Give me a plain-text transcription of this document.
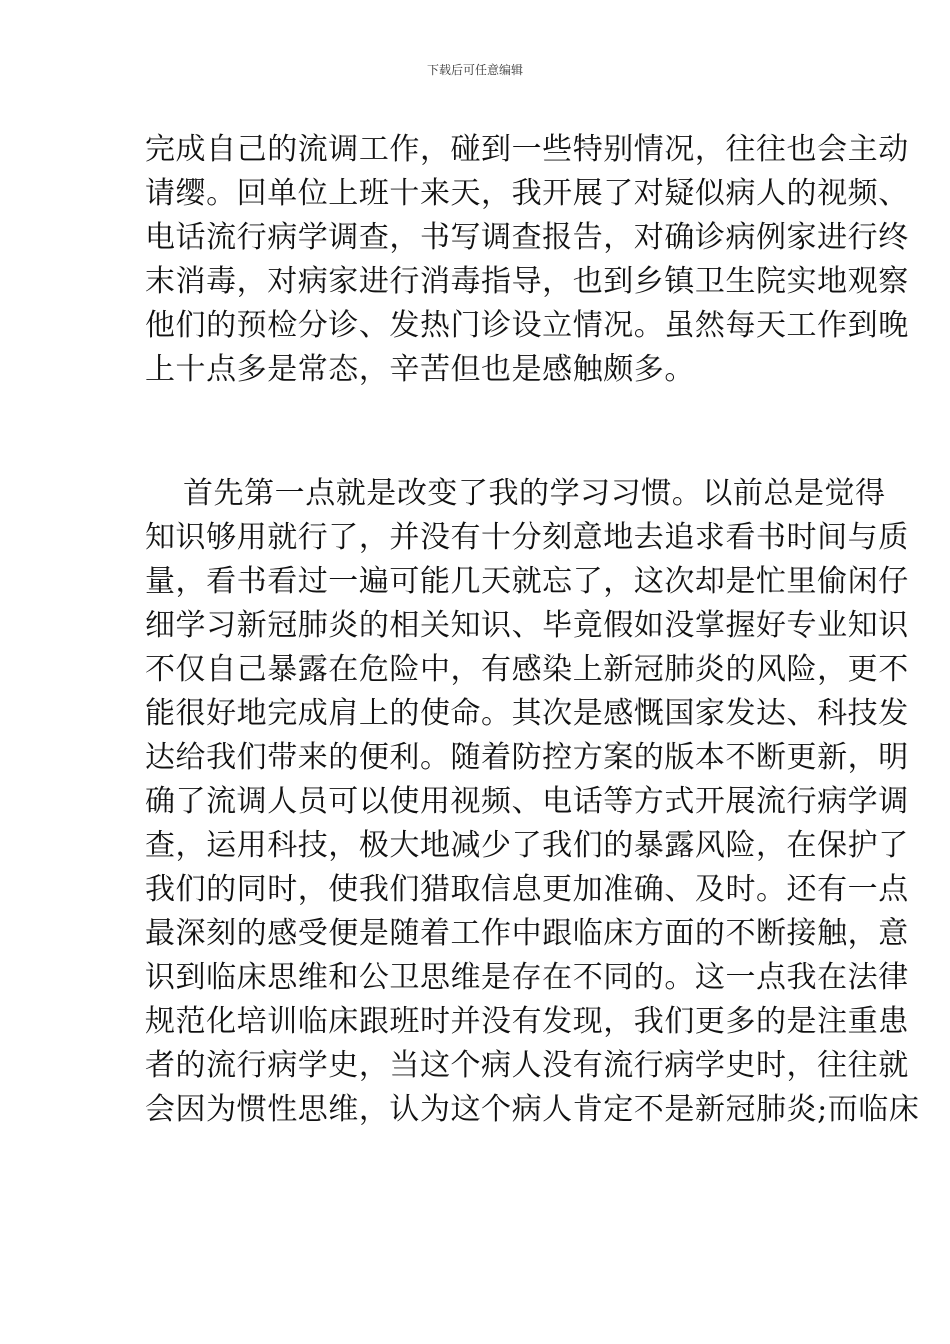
下载后可任意编辑

完成自己的流调工作，碰到一些特别情况，往往也会主动
请缨。回单位上班十来天，我开展了对疑似病人的视频、
电话流行病学调查，书写调查报告，对确诊病例家进行终
末消毒，对病家进行消毒指导，也到乡镇卫生院实地观察
他们的预检分诊、发热门诊设立情况。虽然每天工作到晚
上十点多是常态，辛苦但也是感触颇多。

首先第一点就是改变了我的学习习惯。以前总是觉得
知识够用就行了，并没有十分刻意地去追求看书时间与质
量，看书看过一遍可能几天就忘了，这次却是忙里偷闲仔
细学习新冠肺炎的相关知识、毕竟假如没掌握好专业知识
不仅自己暴露在危险中，有感染上新冠肺炎的风险，更不
能很好地完成肩上的使命。其次是感慨国家发达、科技发
达给我们带来的便利。随着防控方案的版本不断更新，明
确了流调人员可以使用视频、电话等方式开展流行病学调
查，运用科技，极大地减少了我们的暴露风险，在保护了
我们的同时，使我们猎取信息更加准确、及时。还有一点
最深刻的感受便是随着工作中跟临床方面的不断接触，意
识到临床思维和公卫思维是存在不同的。这一点我在法律
规范化培训临床跟班时并没有发现，我们更多的是注重患
者的流行病学史，当这个病人没有流行病学史时，往往就
会因为惯性思维，认为这个病人肯定不是新冠肺炎;而临床
